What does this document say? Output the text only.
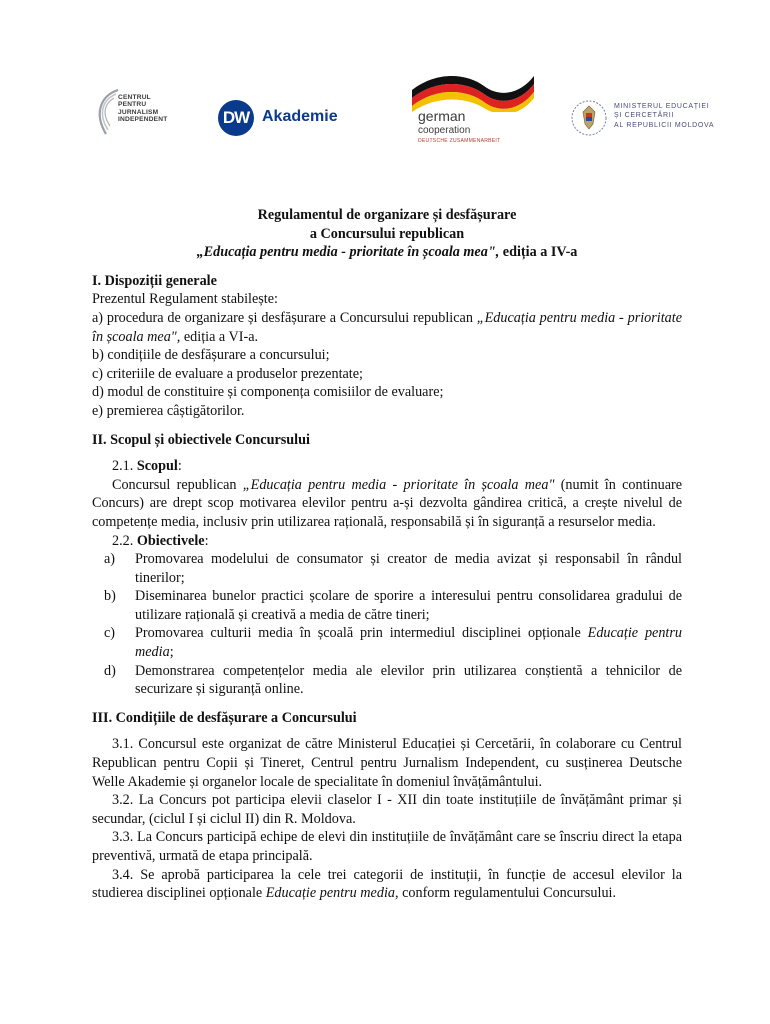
CENTRUL
PENTRU
JURNALISM
INDEPENDENT	DW Akademie	german
cooperation
DEUTSCHE ZUSAMMENARBEIT
MINISTERUL EDUCAȚIEI
ȘI CERCETĂRII
AL REPUBLICII MOLDOVA
Regulamentul de organizare și desfășurare
a Concursului republican
„Educația pentru media - prioritate în școala mea", ediția a IV-a
I. Dispoziții generale

Prezentul Regulament stabilește:

a) procedura de organizare și desfășurare a Concursului republican „Educația pentru media - prioritate în școala mea", ediția a VI-a.

b) condițiile de desfășurare a concursului;

c) criteriile de evaluare a produselor prezentate;

d) modul de constituire și componența comisiilor de evaluare;

e) premierea câștigătorilor.

II. Scopul și obiectivele Concursului

2.1. Scopul:

Concursul republican „Educația pentru media - prioritate în școala mea" (numit în continuare Concurs) are drept scop motivarea elevilor pentru a-și dezvolta gândirea critică, a crește nivelul de competențe media, inclusiv prin utilizarea rațională, responsabilă și în siguranță a resurselor media.

2.2. Obiectivele:

a) Promovarea modelului de consumator și creator de media avizat și responsabil în rândul tinerilor;
b) Diseminarea bunelor practici școlare de sporire a interesului pentru consolidarea gradului de utilizare rațională și creativă a media de către tineri;
c) Promovarea culturii media în școală prin intermediul disciplinei opționale Educație pentru media;
d) Demonstrarea competențelor media ale elevilor prin utilizarea conștientă a tehnicilor de securizare și siguranță online.
III. Condițiile de desfășurare a Concursului

3.1. Concursul este organizat de către Ministerul Educației și Cercetării, în colaborare cu Centrul Republican pentru Copii și Tineret, Centrul pentru Jurnalism Independent, cu susținerea Deutsche Welle Akademie și organelor locale de specialitate în domeniul învățământului.

3.2. La Concurs pot participa elevii claselor I - XII din toate instituțiile de învățământ primar și secundar, (ciclul I și ciclul II) din R. Moldova.

3.3. La Concurs participă echipe de elevi din instituțiile de învățământ care se înscriu direct la etapa preventivă, urmată de etapa principală.

3.4. Se aprobă participarea la cele trei categorii de instituții, în funcție de accesul elevilor la studierea disciplinei opționale Educație pentru media, conform regulamentului Concursului.
